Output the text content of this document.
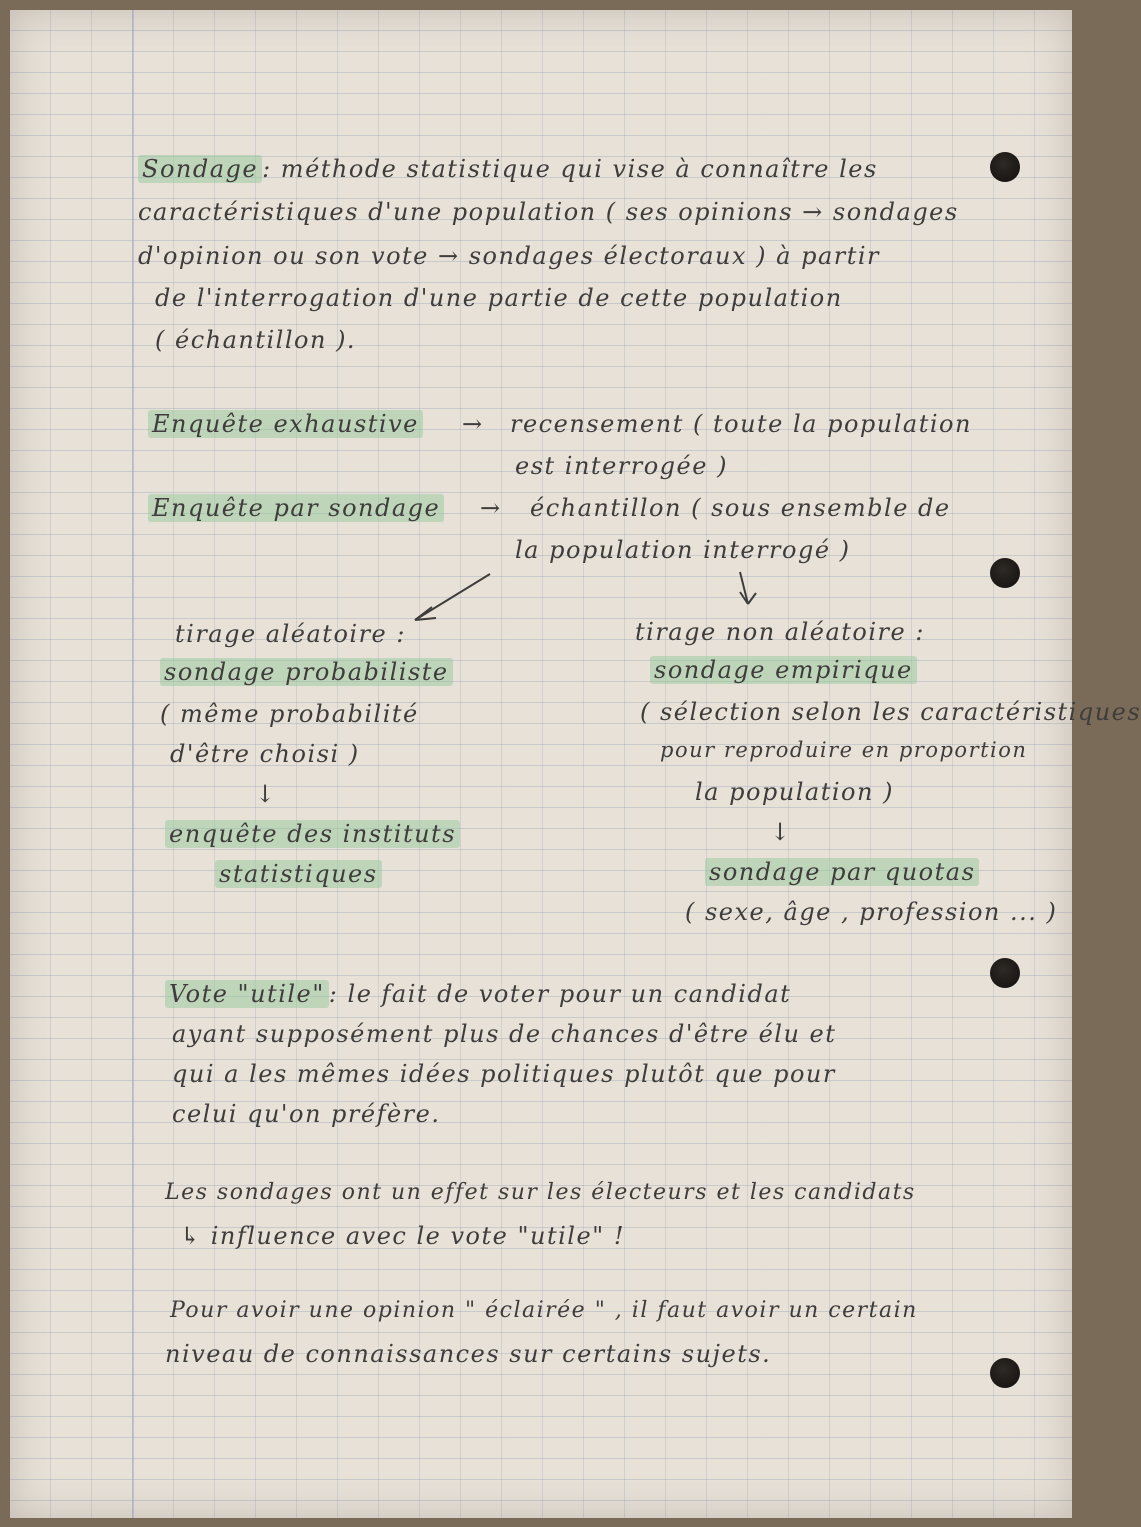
Sondage : méthode statistique qui vise à connaître les

caractéristiques d'une population ( ses opinions → sondages

d'opinion ou son vote → sondages électoraux ) à partir

de l'interrogation d'une partie de cette population

( échantillon ).

Enquête exhaustive → recensement ( toute la population

est interrogée )

Enquête par sondage → échantillon ( sous ensemble de

la population interrogé )

tirage aléatoire :

sondage probabiliste

( même probabilité

d'être choisi )

↓

enquête des instituts

statistiques

tirage non aléatoire :

sondage empirique

( sélection selon les caractéristiques

pour reproduire en proportion

la population )

↓

sondage par quotas

( sexe, âge , profession ... )

Vote "utile" : le fait de voter pour un candidat

ayant supposément plus de chances d'être élu et

qui a les mêmes idées politiques plutôt que pour

celui qu'on préfère.

Les sondages ont un effet sur les électeurs et les candidats

↳ influence avec le vote "utile" !

Pour avoir une opinion " éclairée " , il faut avoir un certain

niveau de connaissances sur certains sujets.
